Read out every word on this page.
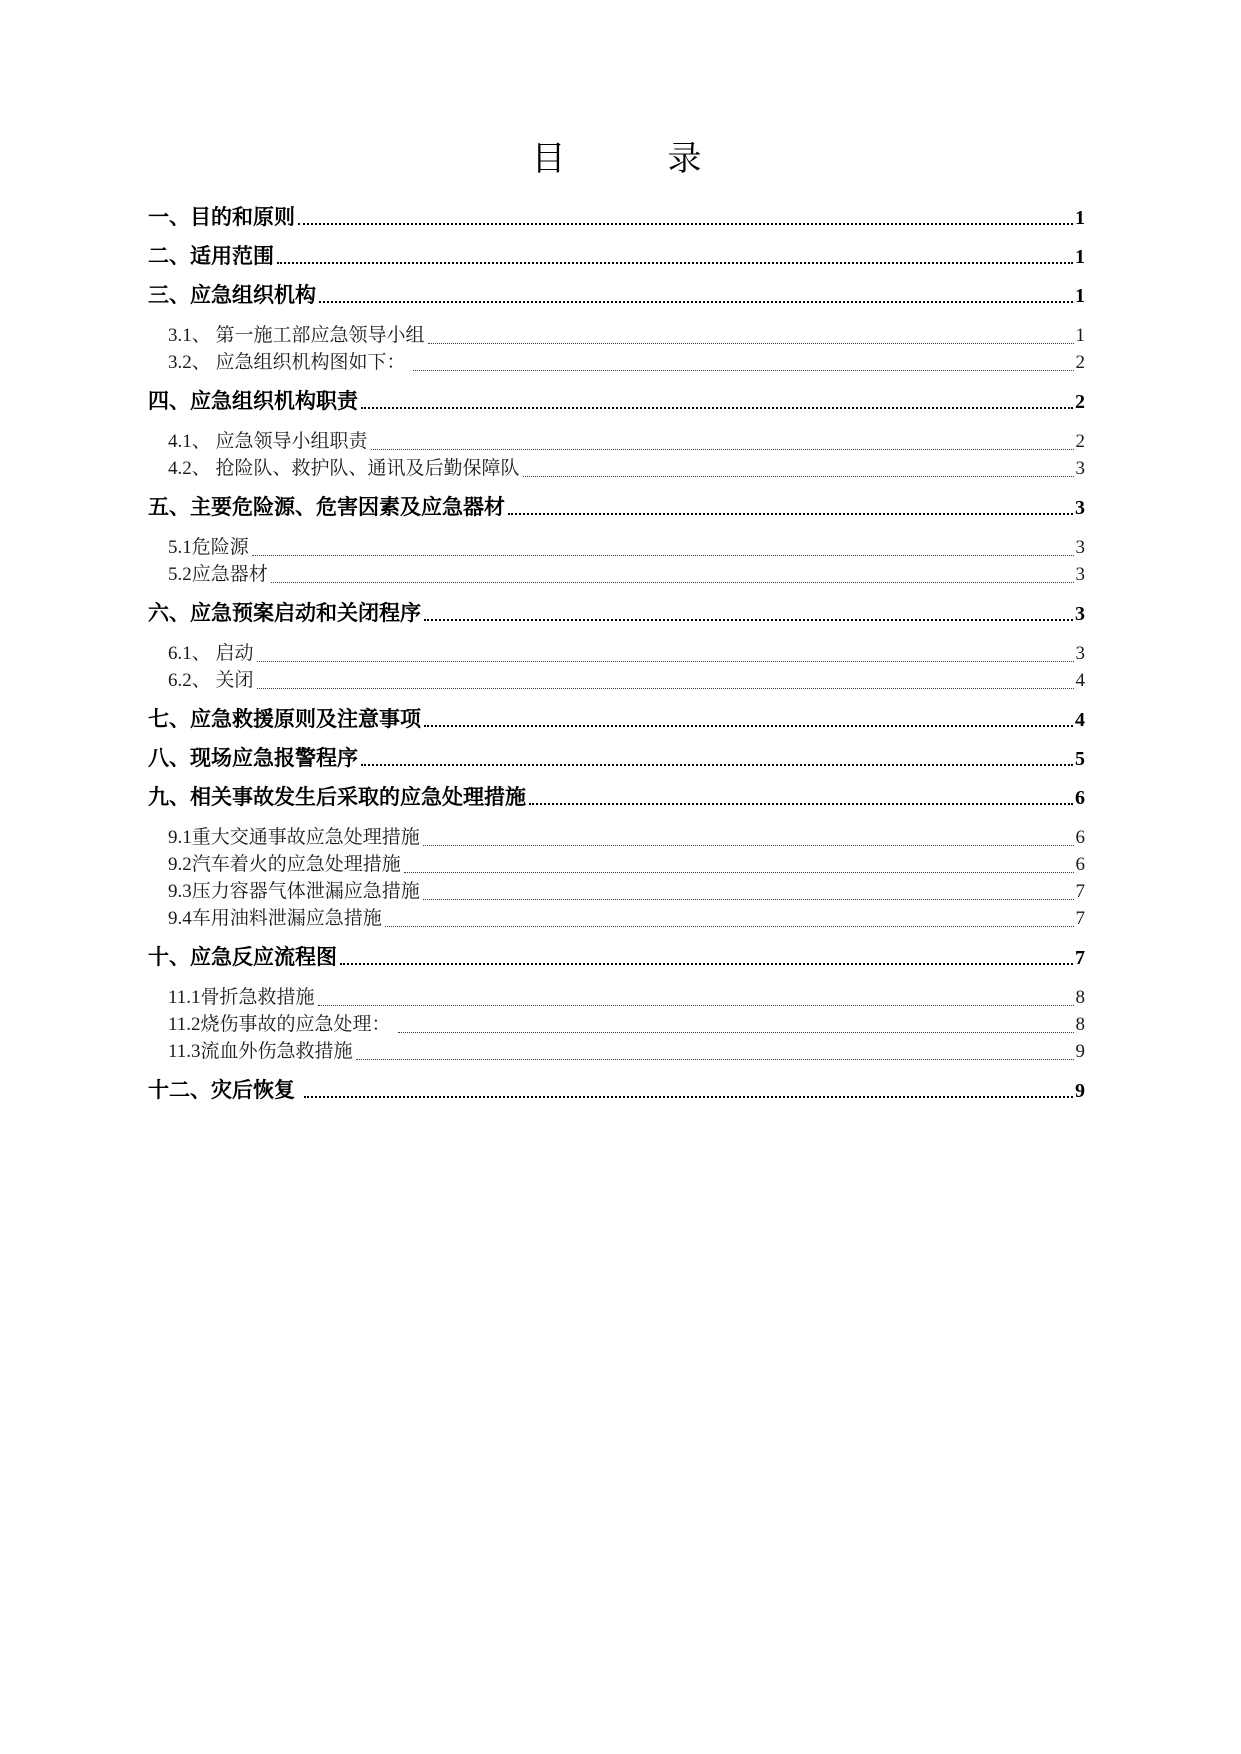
目　　　录
一、目的和原则	1
二、适用范围	1
三、应急组织机构	1
3.1、 第一施工部应急领导小组	1
3.2、 应急组织机构图如下：	2
四、应急组织机构职责	2
4.1、 应急领导小组职责	2
4.2、 抢险队、救护队、通讯及后勤保障队	3
五、主要危险源、危害因素及应急器材	3
5.1危险源	3
5.2应急器材	3
六、应急预案启动和关闭程序	3
6.1、 启动	3
6.2、 关闭	4
七、应急救援原则及注意事项	4
八、现场应急报警程序	5
九、相关事故发生后采取的应急处理措施	6
9.1重大交通事故应急处理措施	6
9.2汽车着火的应急处理措施	6
9.3压力容器气体泄漏应急措施	7
9.4车用油料泄漏应急措施	7
十、应急反应流程图	7
11.1骨折急救措施	8
11.2烧伤事故的应急处理：	8
11.3流血外伤急救措施	9
十二、灾后恢复	9
